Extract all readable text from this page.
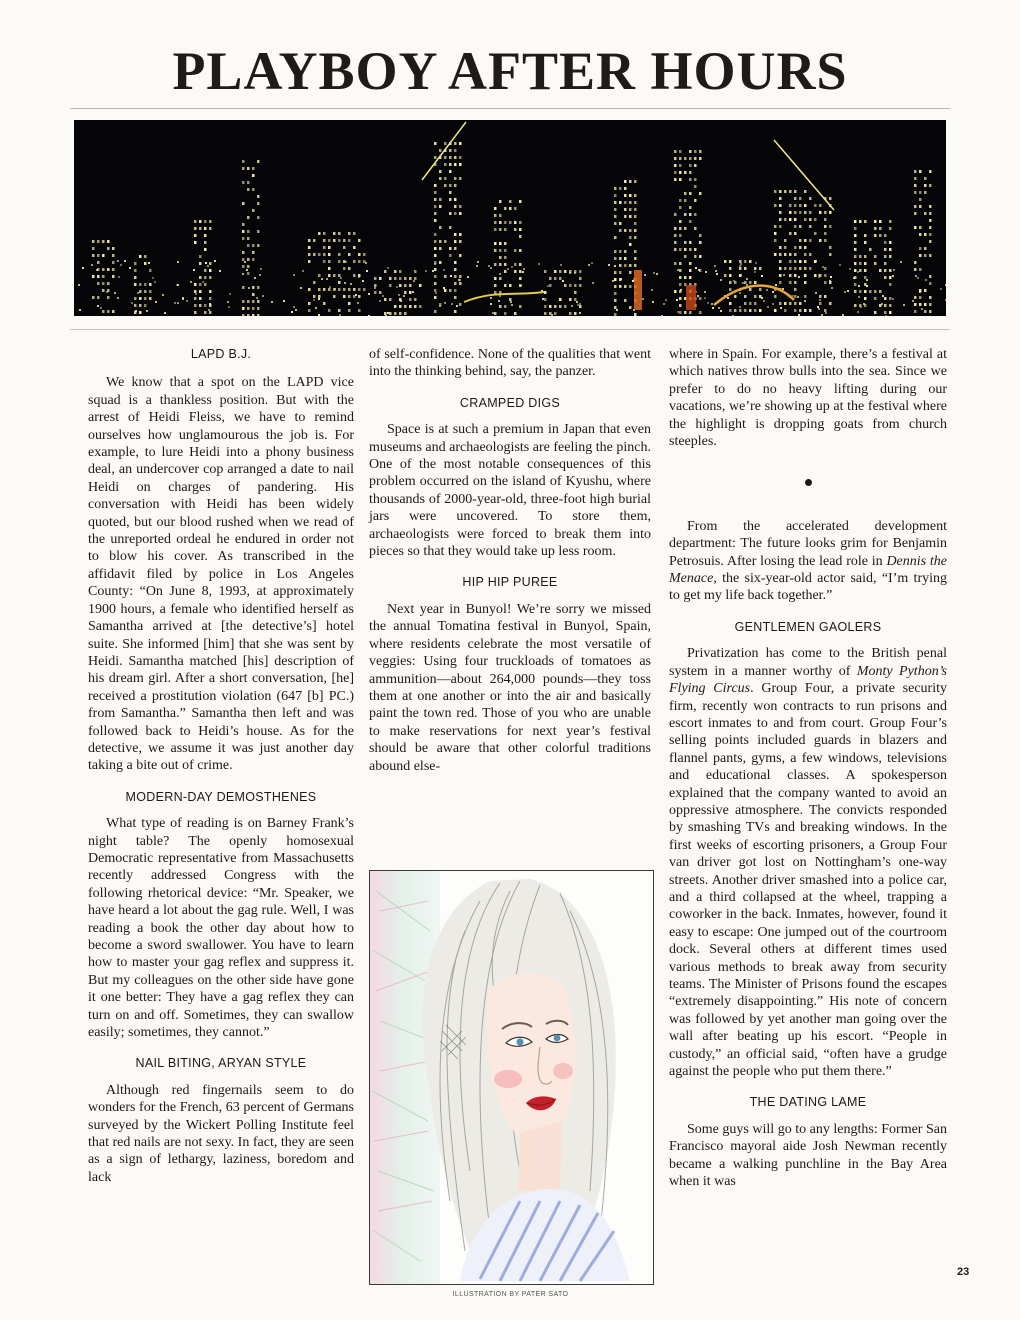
PLAYBOY AFTER HOURS
LAPD B.J.

We know that a spot on the LAPD vice squad is a thankless position. But with the arrest of Heidi Fleiss, we have to remind ourselves how unglamourous the job is. For example, to lure Heidi into a phony business deal, an undercover cop arranged a date to nail Heidi on charges of pandering. His conversation with Heidi has been widely quoted, but our blood rushed when we read of the unreported ordeal he endured in order not to blow his cover. As transcribed in the affidavit filed by police in Los Angeles County: “On June 8, 1993, at approximately 1900 hours, a female who identified herself as Samantha arrived at [the detective’s] hotel suite. She informed [him] that she was sent by Heidi. Samantha matched [his] description of his dream girl. After a short conversation, [he] received a prostitution violation (647 [b] PC.) from Samantha.” Samantha then left and was followed back to Heidi’s house. As for the detective, we assume it was just another day taking a bite out of crime.

MODERN-DAY DEMOSTHENES

What type of reading is on Barney Frank’s night table? The openly homosexual Democratic representative from Massachusetts recently addressed Congress with the following rhetorical device: “Mr. Speaker, we have heard a lot about the gag rule. Well, I was reading a book the other day about how to become a sword swallower. You have to learn how to master your gag reflex and suppress it. But my colleagues on the other side have gone it one better: They have a gag reflex they can turn on and off. Sometimes, they can swallow easily; sometimes, they cannot.”

NAIL BITING, ARYAN STYLE

Although red fingernails seem to do wonders for the French, 63 percent of Germans surveyed by the Wickert Polling Institute feel that red nails are not sexy. In fact, they are seen as a sign of lethargy, laziness, boredom and lack

of self-confidence. None of the qualities that went into the thinking behind, say, the panzer.

CRAMPED DIGS

Space is at such a premium in Japan that even museums and archaeologists are feeling the pinch. One of the most notable consequences of this problem occurred on the island of Kyushu, where thousands of 2000-year-old, three-foot high burial jars were uncovered. To store them, archaeologists were forced to break them into pieces so that they would take up less room.

HIP HIP PUREE

Next year in Bunyol! We’re sorry we missed the annual Tomatina festival in Bunyol, Spain, where residents celebrate the most versatile of veggies: Using four truckloads of tomatoes as ammunition—about 264,000 pounds—they toss them at one another or into the air and basically paint the town red. Those of you who are unable to make reservations for next year’s festival should be aware that other colorful traditions abound else-

where in Spain. For example, there’s a festival at which natives throw bulls into the sea. Since we prefer to do no heavy lifting during our vacations, we’re showing up at the festival where the highlight is dropping goats from church steeples.

From the accelerated development department: The future looks grim for Benjamin Petrosuis. After losing the lead role in Dennis the Menace, the six-year-old actor said, “I’m trying to get my life back together.”

GENTLEMEN GAOLERS

Privatization has come to the British penal system in a manner worthy of Monty Python’s Flying Circus. Group Four, a private security firm, recently won contracts to run prisons and escort inmates to and from court. Group Four’s selling points included guards in blazers and flannel pants, gyms, a few windows, televisions and educational classes. A spokesperson explained that the company wanted to avoid an oppressive atmosphere. The convicts responded by smashing TVs and breaking windows. In the first weeks of escorting prisoners, a Group Four van driver got lost on Nottingham’s one-way streets. Another driver smashed into a police car, and a third collapsed at the wheel, trapping a coworker in the back. Inmates, however, found it easy to escape: One jumped out of the courtroom dock. Several others at different times used various methods to break away from security teams. The Minister of Prisons found the escapes “extremely disappointing.” His note of concern was followed by yet another man going over the wall after beating up his escort. “People in custody,” an official said, “often have a grudge against the people who put them there.”

THE DATING LAME

Some guys will go to any lengths: Former San Francisco mayoral aide Josh Newman recently became a walking punchline in the Bay Area when it was

ILLUSTRATION BY PATER SATO
23
